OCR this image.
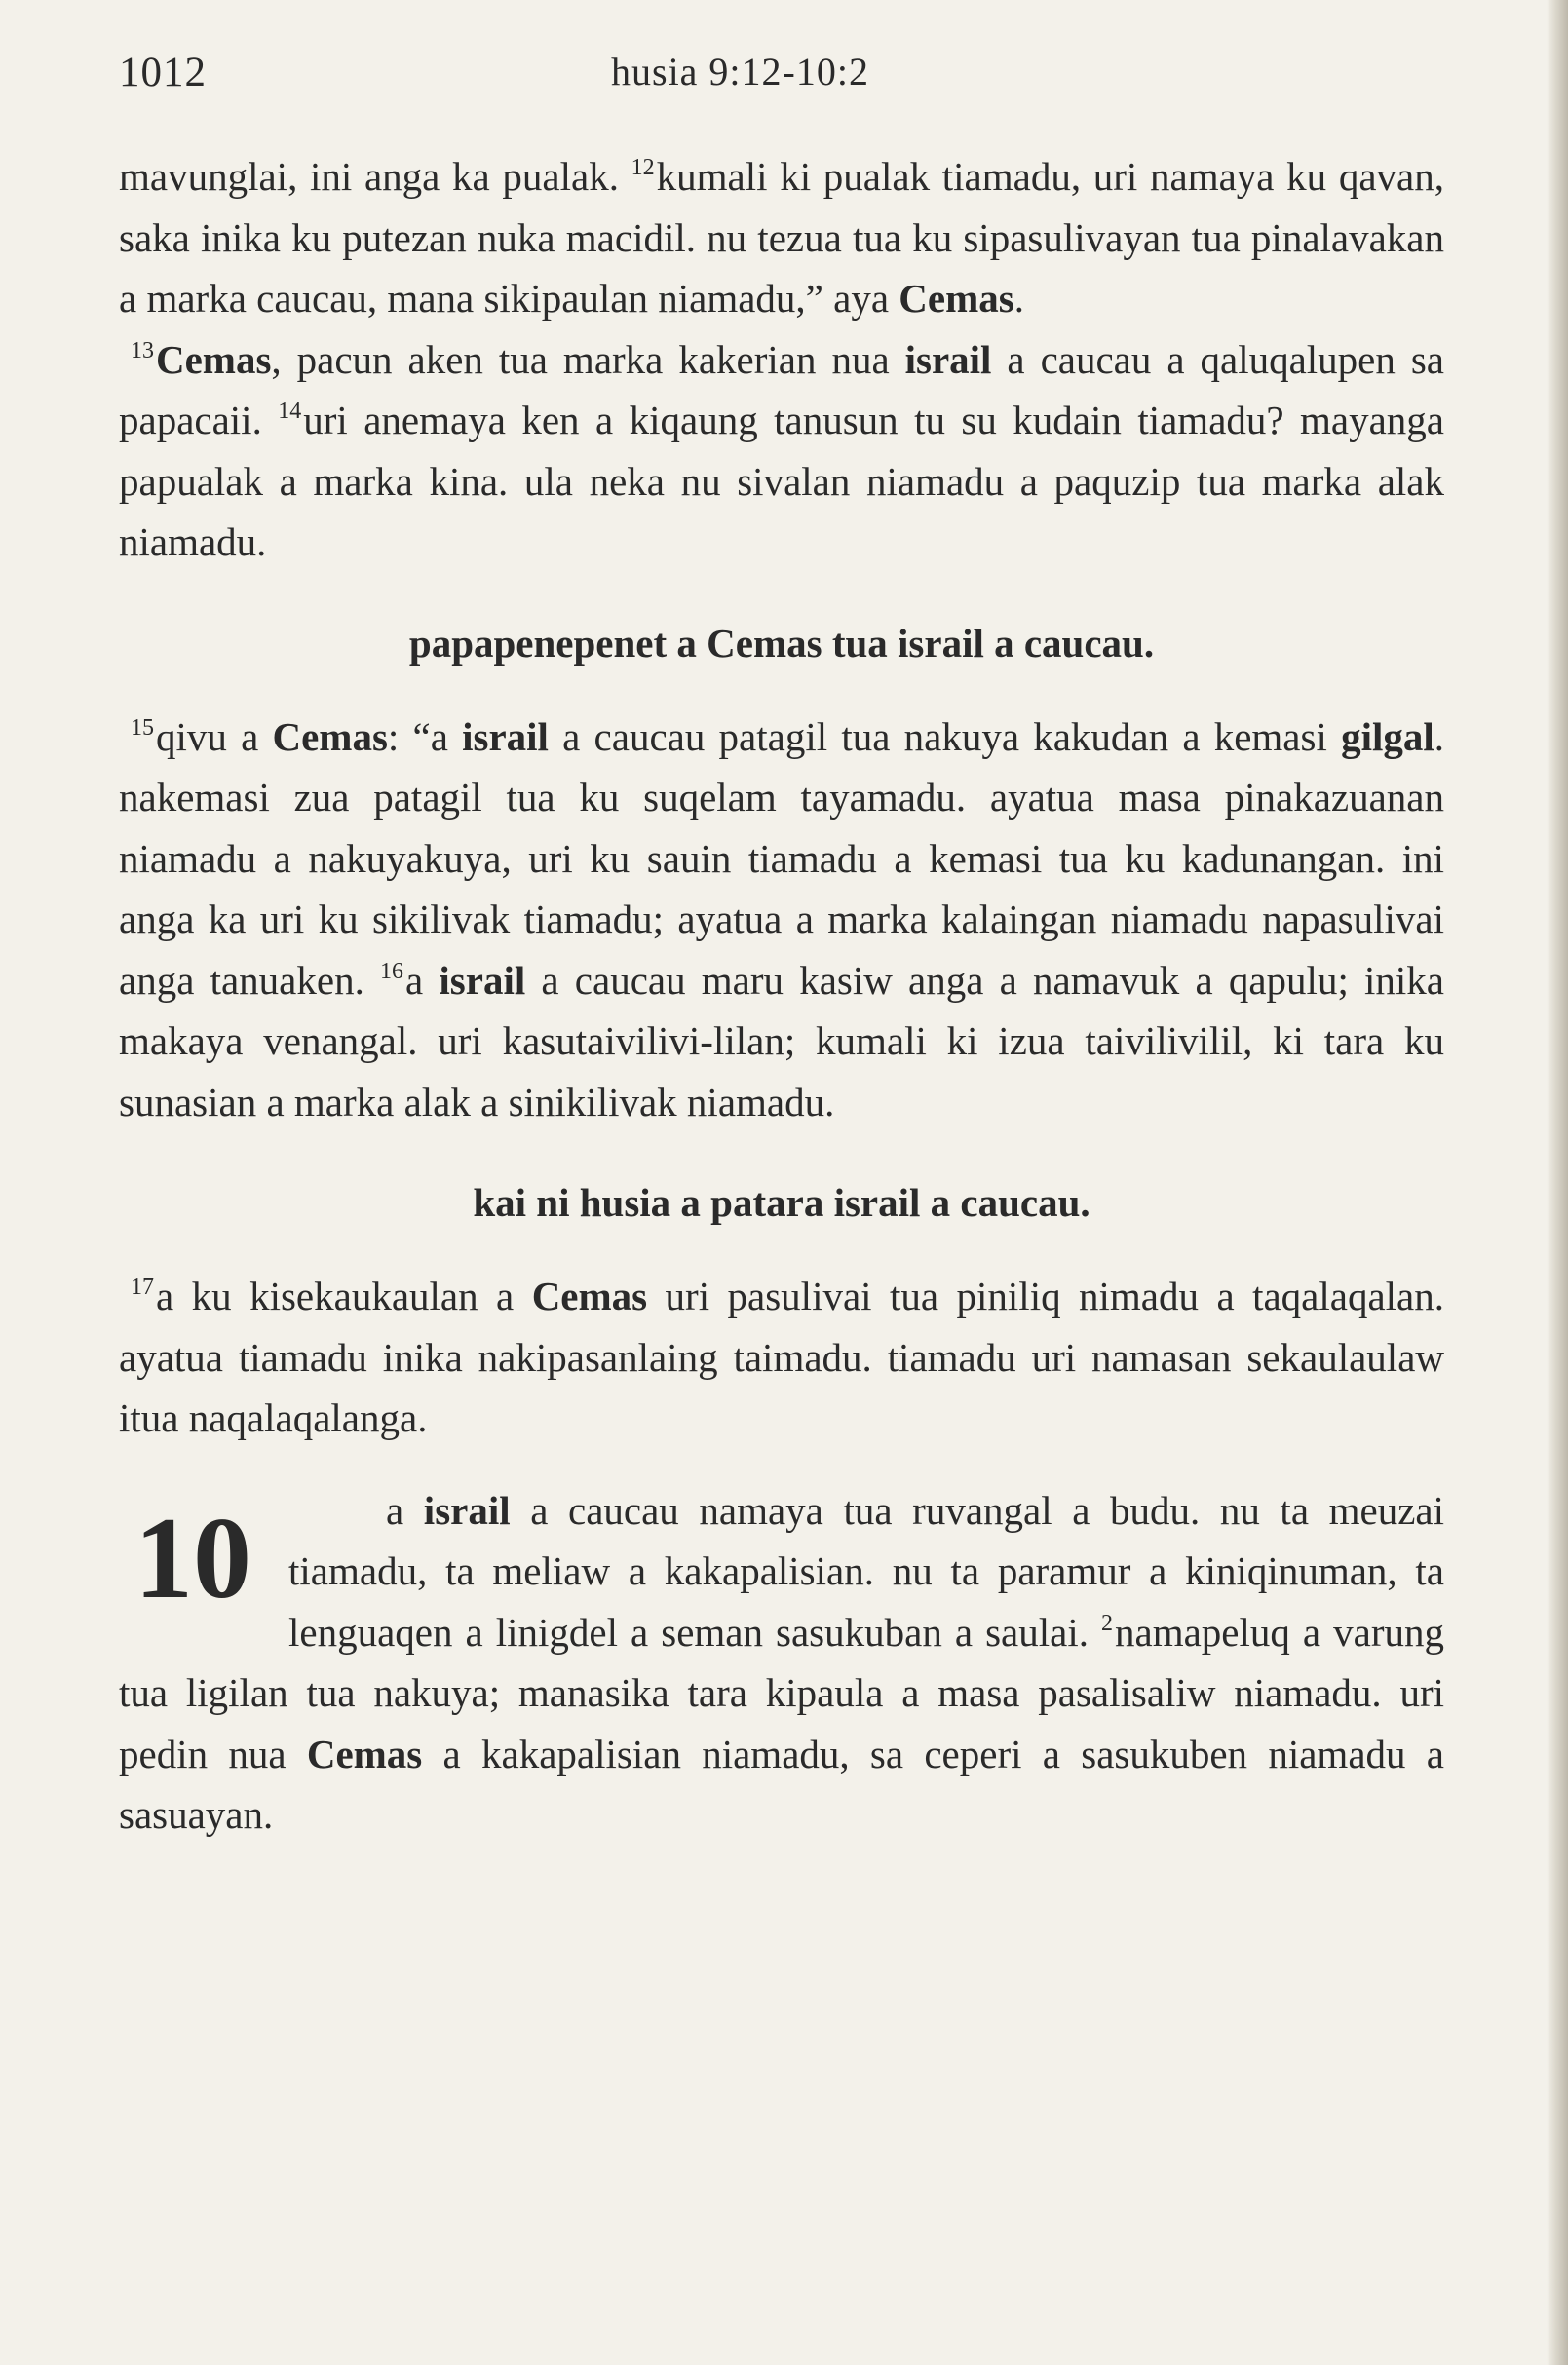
1012	husia 9:12-10:2

mavunglai, ini anga ka pualak. $^{12}$kumali ki pualak tiamadu, uri namaya ku qavan, saka inika ku putezan nuka macidil. nu tezua tua ku sipasulivayan tua pinalavakan a marka caucau, mana sikipaulan niamadu,” aya Cemas.

$^{13}$Cemas, pacun aken tua marka kakerian nua israil a caucau a qaluqalupen sa papacaii. $^{14}$uri anemaya ken a kiqaung tanusun tu su kudain tiamadu? mayanga papualak a marka kina. ula neka nu sivalan niamadu a paquzip tua marka alak niamadu.

papapenepenet a Cemas tua israil a caucau.

$^{15}$qivu a Cemas: “a israil a caucau patagil tua nakuya kakudan a kemasi gilgal. nakemasi zua patagil tua ku suqelam tayamadu. ayatua masa pinakazuanan niamadu a nakuyakuya, uri ku sauin tiamadu a kemasi tua ku kadunangan. ini anga ka uri ku sikilivak tiamadu; ayatua a marka kalaingan niamadu napasulivai anga tanuaken. $^{16}$a israil a caucau maru kasiw anga a namavuk a qapulu; inika makaya venangal. uri kasutaivilivi-lilan; kumali ki izua taivilivilil, ki tara ku sunasian a marka alak a sinikilivak niamadu.

kai ni husia a patara israil a caucau.

$^{17}$a ku kisekaukaulan a Cemas uri pasulivai tua piniliq nimadu a taqalaqalan. ayatua tiamadu inika nakipasanlaing taimadu. tiamadu uri namasan sekaulaulaw itua naqalaqalanga.

10	a israil a caucau namaya tua ruvangal a budu. nu ta meuzai tiamadu, ta meliaw a kakapalisian. nu ta paramur a kiniqinuman, ta lenguaqen a linigdel a seman sasukuban a saulai. $^2$namapeluq a varung tua ligilan tua nakuya; manasika tara kipaula a masa pasalisaliw niamadu. uri pedin nua Cemas a kakapalisian niamadu, sa ceperi a sasukuben niamadu a sasuayan.
